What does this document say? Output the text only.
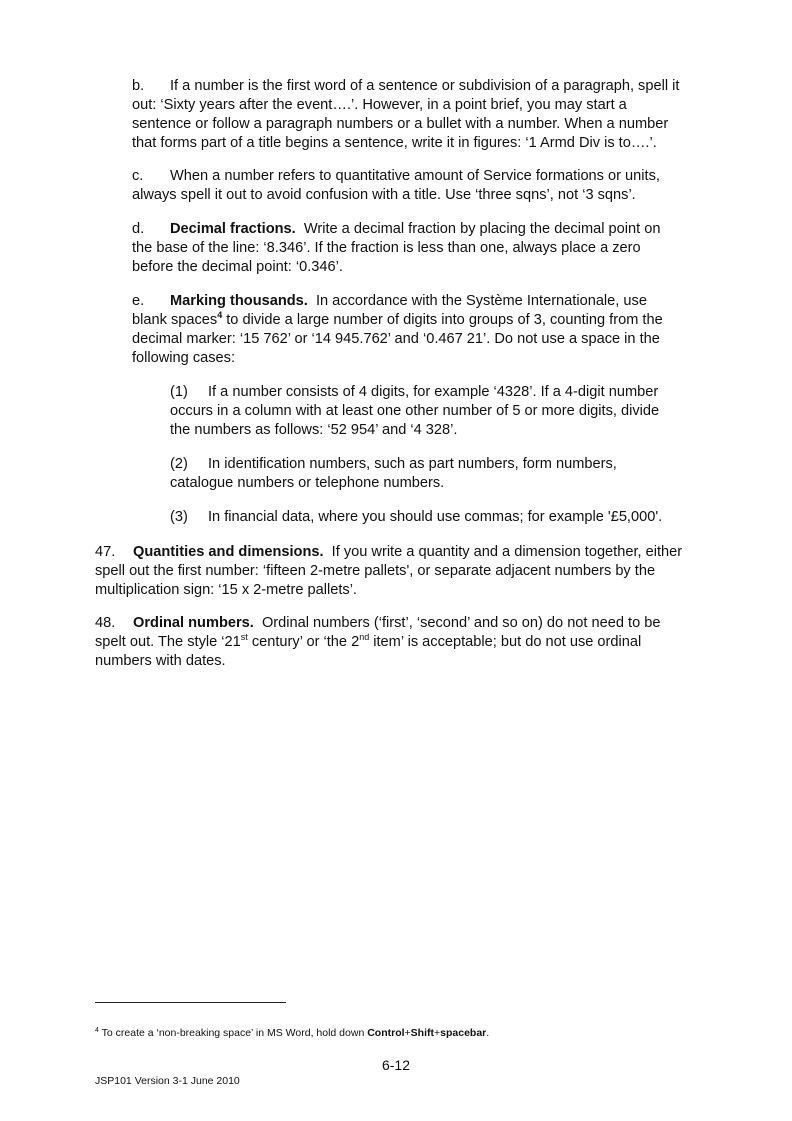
b. If a number is the first word of a sentence or subdivision of a paragraph, spell it out: ‘Sixty years after the event….’. However, in a point brief, you may start a sentence or follow a paragraph numbers or a bullet with a number. When a number that forms part of a title begins a sentence, write it in figures: ‘1 Armd Div is to….’.

c. When a number refers to quantitative amount of Service formations or units, always spell it out to avoid confusion with a title. Use ‘three sqns’, not ‘3 sqns’.

d. Decimal fractions. Write a decimal fraction by placing the decimal point on the base of the line: ‘8.346’. If the fraction is less than one, always place a zero before the decimal point: ‘0.346’.

e. Marking thousands. In accordance with the Système Internationale, use blank spaces$^4$ to divide a large number of digits into groups of 3, counting from the decimal marker: ‘15 762’ or ‘14 945.762’ and ‘0.467 21’. Do not use a space in the following cases:

(1) If a number consists of 4 digits, for example ‘4328’. If a 4-digit number occurs in a column with at least one other number of 5 or more digits, divide the numbers as follows: ‘52 954’ and ‘4 328’.

(2) In identification numbers, such as part numbers, form numbers, catalogue numbers or telephone numbers.

(3) In financial data, where you should use commas; for example '£5,000'.

47. Quantities and dimensions. If you write a quantity and a dimension together, either spell out the first number: ‘fifteen 2-metre pallets', or separate adjacent numbers by the multiplication sign: ‘15 x 2-metre pallets’.

48. Ordinal numbers. Ordinal numbers (‘first’, ‘second’ and so on) do not need to be spelt out. The style ‘21st century’ or ‘the 2nd item’ is acceptable; but do not use ordinal numbers with dates.

$^4$ To create a ‘non-breaking space’ in MS Word, hold down Control+Shift+spacebar.
6-12
JSP101 Version 3-1 June 2010
